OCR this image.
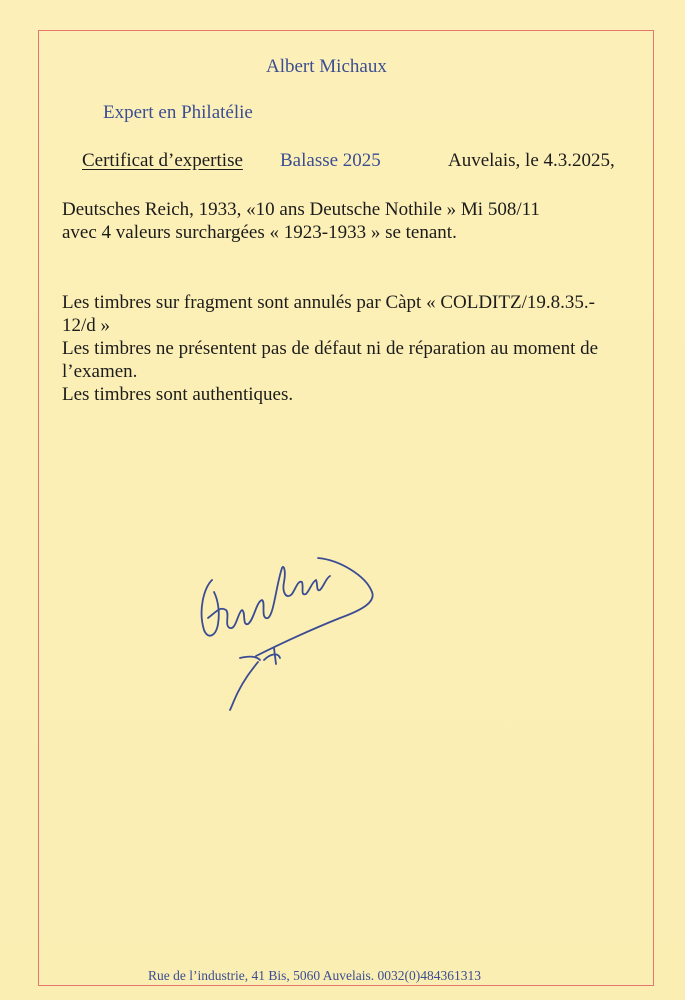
Albert Michaux
Expert en Philatélie
Certificat d’expertise Balasse 2025	Auvelais, le 4.3.2025,
Deutsches Reich, 1933, «10 ans Deutsche Nothile » Mi 508/11
avec 4 valeurs surchargées « 1923-1933 » se tenant.
Les timbres sur fragment sont annulés par Càpt « COLDITZ/19.8.35.-
12/d »
Les timbres ne présentent pas de défaut ni de réparation au moment de
l’examen.
Les timbres sont authentiques.
Rue de l’industrie, 41 Bis, 5060 Auvelais. 0032(0)484361313
